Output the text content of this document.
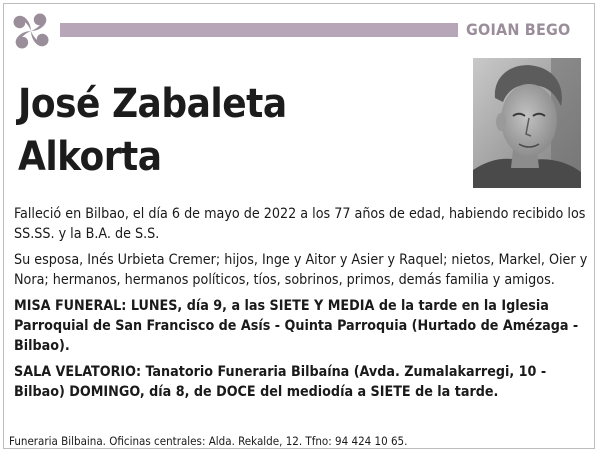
GOIAN BEGO
José Zabaleta
Alkorta

Falleció en Bilbao, el día 6 de mayo de 2022 a los 77 años de edad, habiendo recibido los SS.SS. y la B.A. de S.S.

Su esposa, Inés Urbieta Cremer; hijos, Inge y Aitor y Asier y Raquel; nietos, Markel, Oier y Nora; hermanos, hermanos políticos, tíos, sobrinos, primos, demás familia y amigos.

MISA FUNERAL: LUNES, día 9, a las SIETE Y MEDIA de la tarde en la Iglesia Parroquial de San Francisco de Asís - Quinta Parroquia (Hurtado de Amézaga - Bilbao).

SALA VELATORIO: Tanatorio Funeraria Bilbaína (Avda. Zumalakarregi, 10 - Bilbao) DOMINGO, día 8, de DOCE del mediodía a SIETE de la tarde.

Funeraria Bilbaina. Oficinas centrales: Alda. Rekalde, 12. Tfno: 94 424 10 65.
